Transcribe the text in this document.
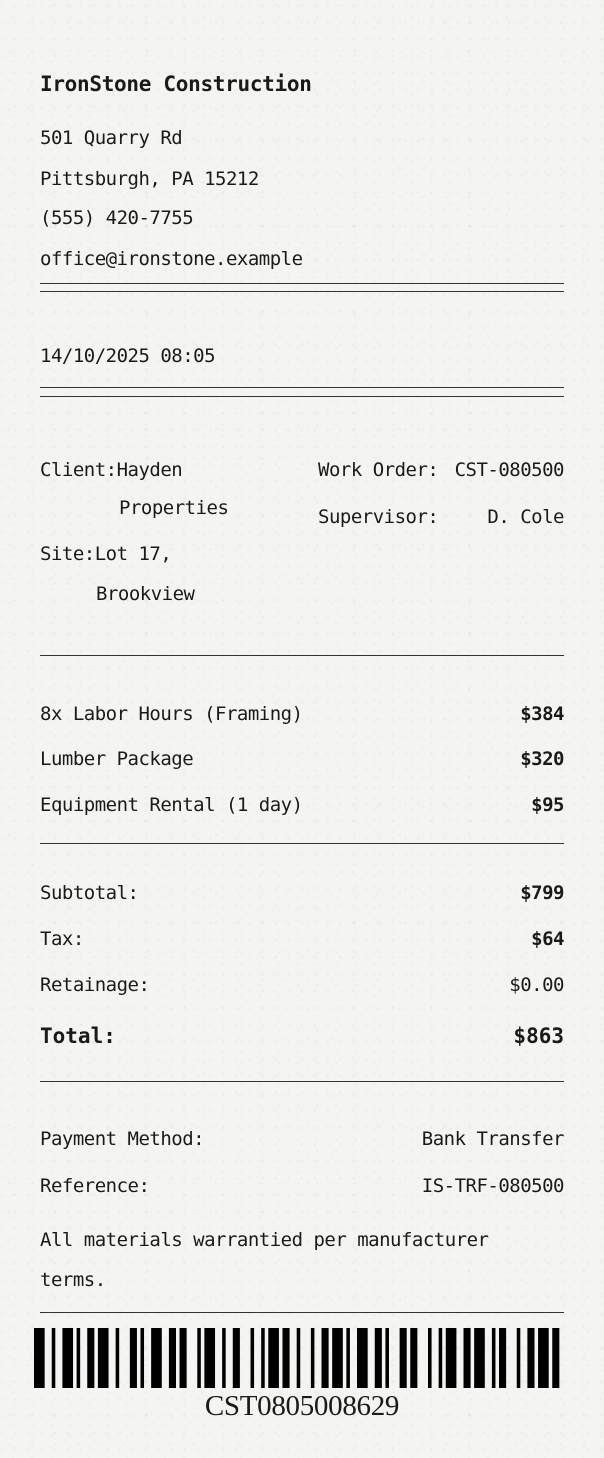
IronStone Construction
501 Quarry Rd
Pittsburgh, PA 15212
(555) 420-7755
office@ironstone.example
14/10/2025 08:05
Client:Hayden
Properties
Site:Lot 17,
Brookview
Work Order: CST-080500
Supervisor:	D. Cole
8x Labor Hours (Framing)	$384
Lumber Package	$320
Equipment Rental (1 day)	$95
Subtotal:	$799
Tax:	$64
Retainage:	$0.00
Total:	$863
Payment Method:	Bank Transfer
Reference:	IS-TRF-080500
All materials warrantied per manufacturer
terms.
CST0805008629
